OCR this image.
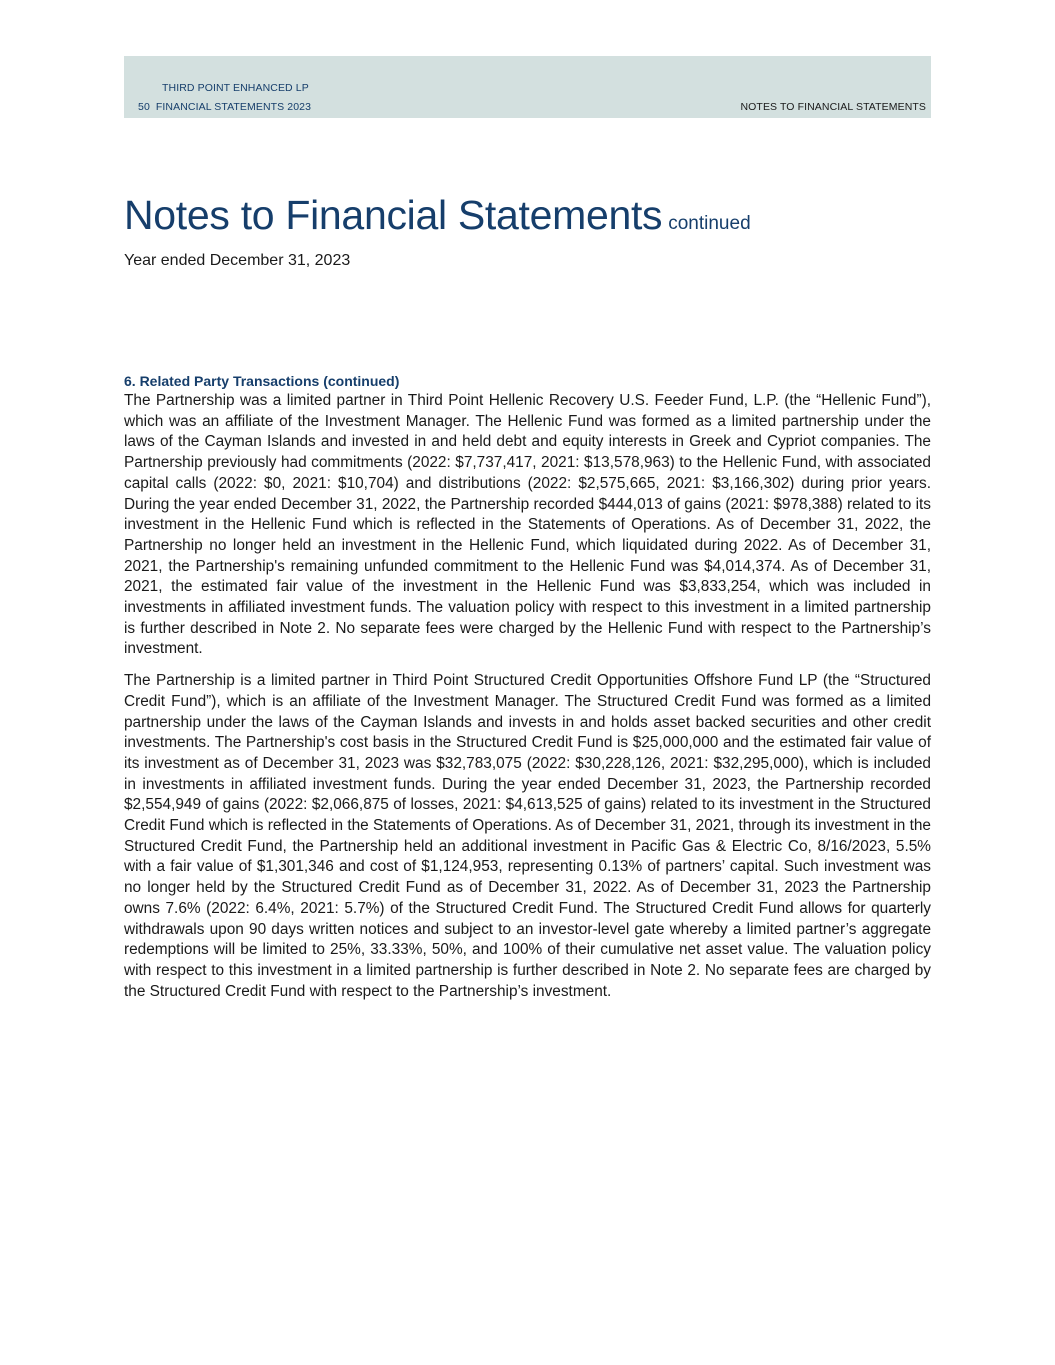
THIRD POINT ENHANCED LP
50 FINANCIAL STATEMENTS 2023	NOTES TO FINANCIAL STATEMENTS
Notes to Financial Statements continued
Year ended December 31, 2023
6. Related Party Transactions (continued)

The Partnership was a limited partner in Third Point Hellenic Recovery U.S. Feeder Fund, L.P. (the “Hellenic Fund”), which was an affiliate of the Investment Manager. The Hellenic Fund was formed as a limited partnership under the laws of the Cayman Islands and invested in and held debt and equity interests in Greek and Cypriot companies. The Partnership previously had commitments (2022: $7,737,417, 2021: $13,578,963) to the Hellenic Fund, with associated capital calls (2022: $0, 2021: $10,704) and distributions (2022: $2,575,665, 2021: $3,166,302) during prior years. During the year ended December 31, 2022, the Partnership recorded $444,013 of gains (2021: $978,388) related to its investment in the Hellenic Fund which is reflected in the Statements of Operations. As of December 31, 2022, the Partnership no longer held an investment in the Hellenic Fund, which liquidated during 2022. As of December 31, 2021, the Partnership's remaining unfunded commitment to the Hellenic Fund was $4,014,374. As of December 31, 2021, the estimated fair value of the investment in the Hellenic Fund was $3,833,254, which was included in investments in affiliated investment funds. The valuation policy with respect to this investment in a limited partnership is further described in Note 2. No separate fees were charged by the Hellenic Fund with respect to the Partnership’s investment.

The Partnership is a limited partner in Third Point Structured Credit Opportunities Offshore Fund LP (the “Structured Credit Fund”), which is an affiliate of the Investment Manager. The Structured Credit Fund was formed as a limited partnership under the laws of the Cayman Islands and invests in and holds asset backed securities and other credit investments. The Partnership's cost basis in the Structured Credit Fund is $25,000,000 and the estimated fair value of its investment as of December 31, 2023 was $32,783,075 (2022: $30,228,126, 2021: $32,295,000), which is included in investments in affiliated investment funds. During the year ended December 31, 2023, the Partnership recorded $2,554,949 of gains (2022: $2,066,875 of losses, 2021: $4,613,525 of gains) related to its investment in the Structured Credit Fund which is reflected in the Statements of Operations. As of December 31, 2021, through its investment in the Structured Credit Fund, the Partnership held an additional investment in Pacific Gas & Electric Co, 8/16/2023, 5.5% with a fair value of $1,301,346 and cost of $1,124,953, representing 0.13% of partners’ capital. Such investment was no longer held by the Structured Credit Fund as of December 31, 2022. As of December 31, 2023 the Partnership owns 7.6% (2022: 6.4%, 2021: 5.7%) of the Structured Credit Fund. The Structured Credit Fund allows for quarterly withdrawals upon 90 days written notices and subject to an investor-level gate whereby a limited partner’s aggregate redemptions will be limited to 25%, 33.33%, 50%, and 100% of their cumulative net asset value. The valuation policy with respect to this investment in a limited partnership is further described in Note 2. No separate fees are charged by the Structured Credit Fund with respect to the Partnership’s investment.
